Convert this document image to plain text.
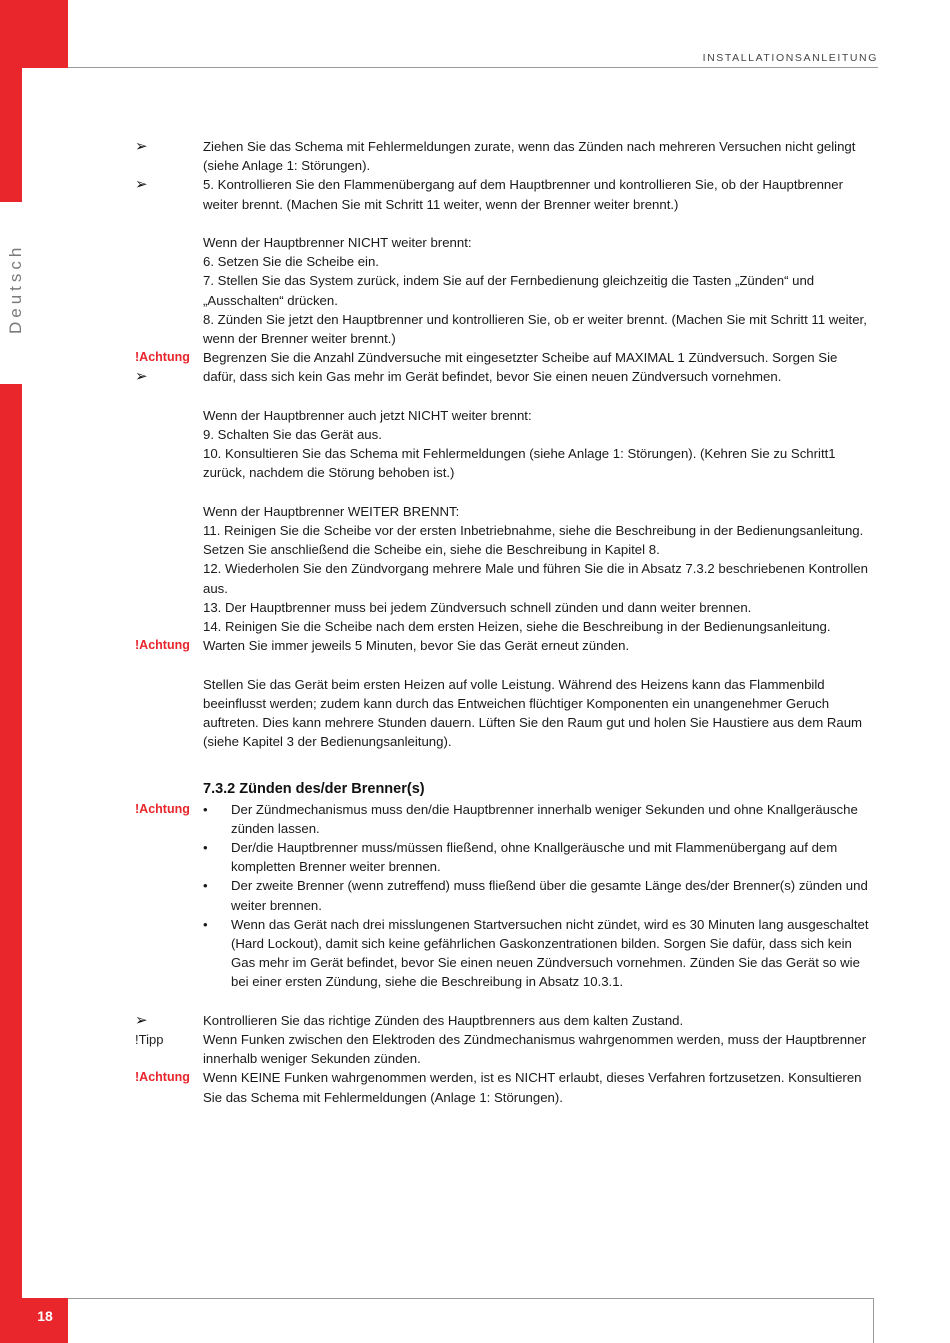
18
Deutsch
INSTALLATIONSANLEITUNG
➢	Ziehen Sie das Schema mit Fehlermeldungen zurate, wenn das Zünden nach mehreren Versuchen nicht gelingt (siehe Anlage 1: Störungen).

➢	5. Kontrollieren Sie den Flammenübergang auf dem Hauptbrenner und kontrollieren Sie, ob der Hauptbrenner weiter brennt. (Machen Sie mit Schritt 11 weiter, wenn der Brenner weiter brennt.)

Wenn der Hauptbrenner NICHT weiter brennt:

6. Setzen Sie die Scheibe ein.

7. Stellen Sie das System zurück, indem Sie auf der Fernbedienung gleichzeitig die Tasten „Zünden“ und „Ausschalten“ drücken.

8. Zünden Sie jetzt den Hauptbrenner und kontrollieren Sie, ob er weiter brennt. (Machen Sie mit Schritt 11 weiter, wenn der Brenner weiter brennt.)

!Achtung
➢

Begrenzen Sie die Anzahl Zündversuche mit eingesetzter Scheibe auf MAXIMAL 1 Zündversuch. Sorgen Sie dafür, dass sich kein Gas mehr im Gerät befindet, bevor Sie einen neuen Zündversuch vornehmen.

Wenn der Hauptbrenner auch jetzt NICHT weiter brennt:

9. Schalten Sie das Gerät aus.

10. Konsultieren Sie das Schema mit Fehlermeldungen (siehe Anlage 1: Störungen). (Kehren Sie zu Schritt1 zurück, nachdem die Störung behoben ist.)

Wenn der Hauptbrenner WEITER BRENNT:

11. Reinigen Sie die Scheibe vor der ersten Inbetriebnahme, siehe die Beschreibung in der Bedienungsanleitung. Setzen Sie anschließend die Scheibe ein, siehe die Beschreibung in Kapitel 8.

12. Wiederholen Sie den Zündvorgang mehrere Male und führen Sie die in Absatz 7.3.2 beschriebenen Kontrollen aus.

13. Der Hauptbrenner muss bei jedem Zündversuch schnell zünden und dann weiter brennen.

14. Reinigen Sie die Scheibe nach dem ersten Heizen, siehe die Beschreibung in der Bedienungsanleitung.

!Achtung Warten Sie immer jeweils 5 Minuten, bevor Sie das Gerät erneut zünden.

Stellen Sie das Gerät beim ersten Heizen auf volle Leistung. Während des Heizens kann das Flammenbild beeinflusst werden; zudem kann durch das Entweichen flüchtiger Komponenten ein unangenehmer Geruch auftreten. Dies kann mehrere Stunden dauern. Lüften Sie den Raum gut und holen Sie Haustiere aus dem Raum (siehe Kapitel 3 der Bedienungsanleitung).

7.3.2 Zünden des/der Brenner(s)
!Achtung • Der Zündmechanismus muss den/die Hauptbrenner innerhalb weniger Sekunden und ohne Knallgeräusche zünden lassen.
• Der/die Hauptbrenner muss/müssen fließend, ohne Knallgeräusche und mit Flammenübergang auf dem kompletten Brenner weiter brennen.
• Der zweite Brenner (wenn zutreffend) muss fließend über die gesamte Länge des/der Brenner(s) zünden und weiter brennen.
• Wenn das Gerät nach drei misslungenen Startversuchen nicht zündet, wird es 30 Minuten lang ausgeschaltet (Hard Lockout), damit sich keine gefährlichen Gaskonzentrationen bilden. Sorgen Sie dafür, dass sich kein Gas mehr im Gerät befindet, bevor Sie einen neuen Zündversuch vornehmen. Zünden Sie das Gerät so wie bei einer ersten Zündung, siehe die Beschreibung in Absatz 10.3.1.
➢	Kontrollieren Sie das richtige Zünden des Hauptbrenners aus dem kalten Zustand.

!Tipp	Wenn Funken zwischen den Elektroden des Zündmechanismus wahrgenommen werden, muss der Hauptbrenner innerhalb weniger Sekunden zünden.

!Achtung Wenn KEINE Funken wahrgenommen werden, ist es NICHT erlaubt, dieses Verfahren fortzusetzen. Konsultieren Sie das Schema mit Fehlermeldungen (Anlage 1: Störungen).
